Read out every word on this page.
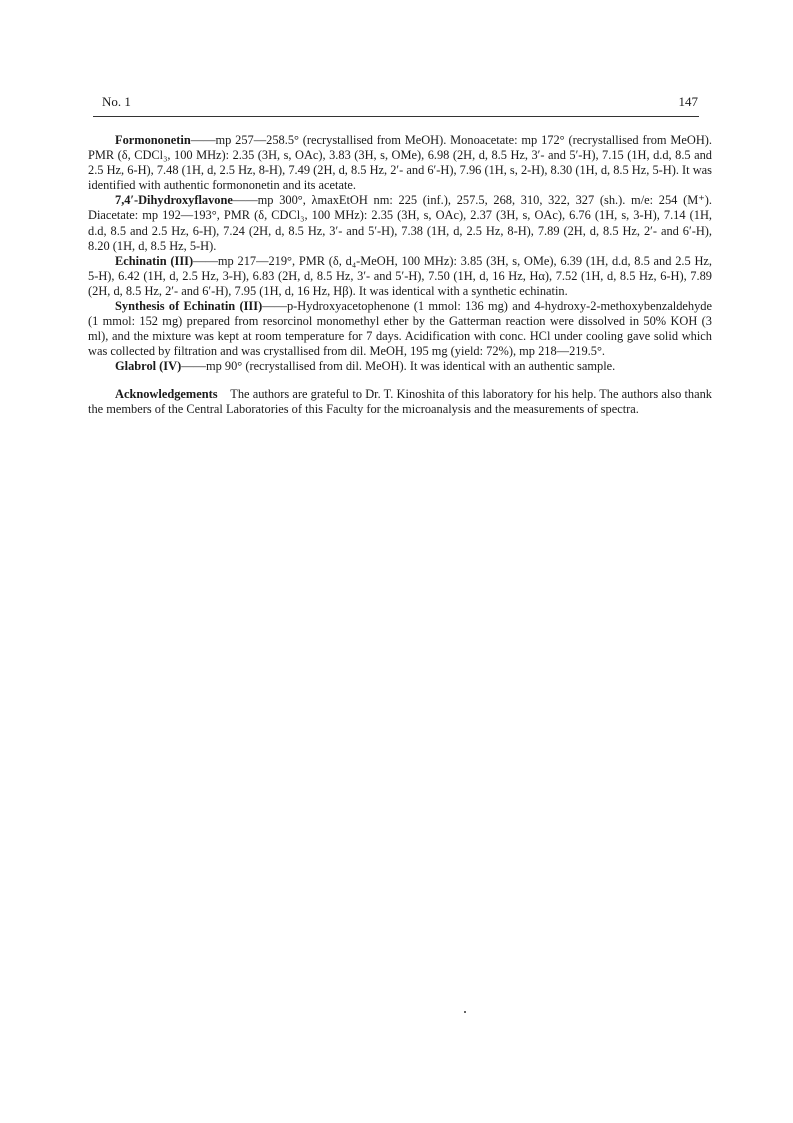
No. 1	147

Formononetin——mp 257—258.5° (recrystallised from MeOH). Monoacetate: mp 172° (recrystallised from MeOH). PMR (δ, CDCl₃, 100 MHz): 2.35 (3H, s, OAc), 3.83 (3H, s, OMe), 6.98 (2H, d, 8.5 Hz, 3′- and 5′-H), 7.15 (1H, d.d, 8.5 and 2.5 Hz, 6-H), 7.48 (1H, d, 2.5 Hz, 8-H), 7.49 (2H, d, 8.5 Hz, 2′- and 6′-H), 7.96 (1H, s, 2-H), 8.30 (1H, d, 8.5 Hz, 5-H). It was identified with authentic formononetin and its acetate.

7,4′-Dihydroxyflavone——mp 300°, λmaxEtOH nm: 225 (inf.), 257.5, 268, 310, 322, 327 (sh.). m/e: 254 (M⁺). Diacetate: mp 192—193°, PMR (δ, CDCl₃, 100 MHz): 2.35 (3H, s, OAc), 2.37 (3H, s, OAc), 6.76 (1H, s, 3-H), 7.14 (1H, d.d, 8.5 and 2.5 Hz, 6-H), 7.24 (2H, d, 8.5 Hz, 3′- and 5′-H), 7.38 (1H, d, 2.5 Hz, 8-H), 7.89 (2H, d, 8.5 Hz, 2′- and 6′-H), 8.20 (1H, d, 8.5 Hz, 5-H).

Echinatin (III)——mp 217—219°, PMR (δ, d₄-MeOH, 100 MHz): 3.85 (3H, s, OMe), 6.39 (1H, d.d, 8.5 and 2.5 Hz, 5-H), 6.42 (1H, d, 2.5 Hz, 3-H), 6.83 (2H, d, 8.5 Hz, 3′- and 5′-H), 7.50 (1H, d, 16 Hz, Hα), 7.52 (1H, d, 8.5 Hz, 6-H), 7.89 (2H, d, 8.5 Hz, 2′- and 6′-H), 7.95 (1H, d, 16 Hz, Hβ). It was identical with a synthetic echinatin.

Synthesis of Echinatin (III)——p-Hydroxyacetophenone (1 mmol: 136 mg) and 4-hydroxy-2-methoxybenzaldehyde (1 mmol: 152 mg) prepared from resorcinol monomethyl ether by the Gatterman reaction were dissolved in 50% KOH (3 ml), and the mixture was kept at room temperature for 7 days. Acidification with conc. HCl under cooling gave solid which was collected by filtration and was crystallised from dil. MeOH, 195 mg (yield: 72%), mp 218—219.5°.

Glabrol (IV)——mp 90° (recrystallised from dil. MeOH). It was identical with an authentic sample.

Acknowledgements The authors are grateful to Dr. T. Kinoshita of this laboratory for his help. The authors also thank the members of the Central Laboratories of this Faculty for the microanalysis and the measurements of spectra.
